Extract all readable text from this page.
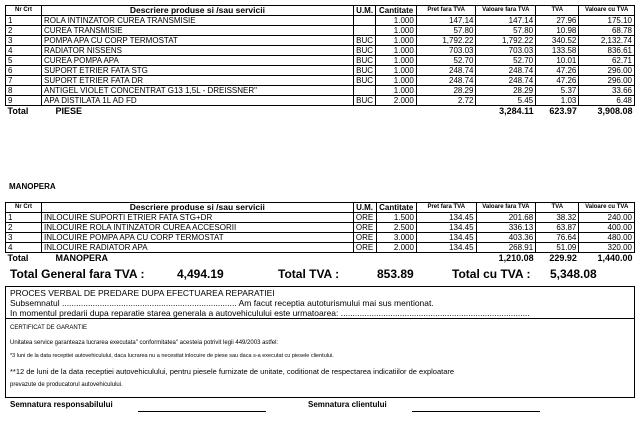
Nr Crt	Descriere produse si /sau servicii	U.M.	Cantitate	Pret fara TVA	Valoare fara TVA	TVA	Valoare cu TVA
1	ROLA INTINZATOR CUREA TRANSMISIE		1.000	147.14	147.14	27.96	175.10
2	CUREA TRANSMISIE		1.000	57.80	57.80	10.98	68.78
3	POMPA APA CU CORP TERMOSTAT	BUC	1.000	1,792.22	1,792.22	340.52	2,132.74
4	RADIATOR NISSENS	BUC	1.000	703.03	703.03	133.58	836.61
5	CUREA POMPA APA	BUC	1.000	52.70	52.70	10.01	62.71
6	SUPORT ETRIER FATA STG	BUC	1.000	248.74	248.74	47.26	296.00
7	SUPORT ETRIER FATA DR	BUC	1.000	248.74	248.74	47.26	296.00
8	ANTIGEL VIOLET CONCENTRAT G13 1,5L - DREISSNER"		1.000	28.29	28.29	5.37	33.66
9	APA DISTILATA 1L AD FD	BUC	2.000	2.72	5.45	1.03	6.48
Total	PIESE				3,284.11	623.97	3,908.08
MANOPERA
Nr Crt	Descriere produse si /sau servicii	U.M.	Cantitate	Pret fara TVA	Valoare fara TVA	TVA	Valoare cu TVA
1	INLOCUIRE SUPORTI ETRIER FATA STG+DR	ORE	1.500	134.45	201.68	38.32	240.00
2	INLOCUIRE ROLA INTINZATOR CUREA ACCESORII	ORE	2.500	134.45	336.13	63.87	400.00
3	INLOCUIRE POMPA APA CU CORP TERMOSTAT	ORE	3.000	134.45	403.36	76.64	480.00
4	INLOCUIRE RADIATOR APA	ORE	2.000	134.45	268.91	51.09	320.00
Total	MANOPERA				1,210.08	229.92	1,440.00
Total General fara TVA :	4,494.19	Total TVA :	853.89	Total cu TVA : 5,348.08
PROCES VERBAL DE PREDARE DUPA EFECTUAREA REPARATIEI
Subsemnatul .......................................................................... Am facut receptia autoturismului mai sus mentionat.
In momentul predarii dupa reparatie starea generala a autovehiculului este urmatoarea: ................................................................................
CERTIFICAT DE GARANTIE
Unitatea service garanteaza lucrarea executata" conformitatea" acesteia potrivit legii 449/2003 astfel:
*3 luni de la data receptiei autovehiculului, daca lucrarea nu a necesitat inlocuire de piese sau daca s-a executat cu piesele clientului.
**12 de luni de la data receptiei autovehiculului, pentru piesele furnizate de unitate, coditionat de respectarea indicatiilor de exploatare
prevazute de producatorul autovehiculului.
Semnatura responsabilului	Semnatura clientului
